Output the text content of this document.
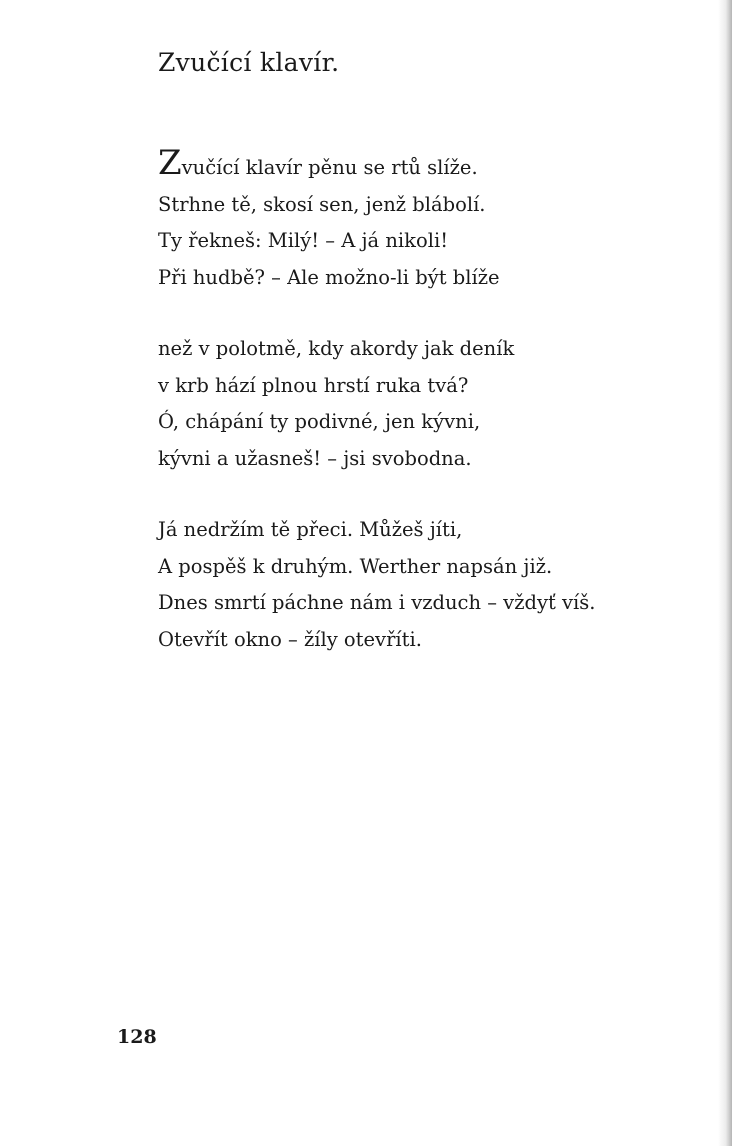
Zvučící klavír.
Zvučící klavír pěnu se rtů slíže.
Strhne tě, skosí sen, jenž blábolí.
Ty řekneš: Milý! – A já nikoli!
Při hudbě? – Ale možno-li být blíže
než v polotmě, kdy akordy jak deník
v krb hází plnou hrstí ruka tvá?
Ó, chápání ty podivné, jen kývni,
kývni a užasneš! – jsi svobodna.
Já nedržím tě přeci. Můžeš jíti,
A pospěš k druhým. Werther napsán již.
Dnes smrtí páchne nám i vzduch – vždyť víš.
Otevřít okno – žíly otevříti.
128
